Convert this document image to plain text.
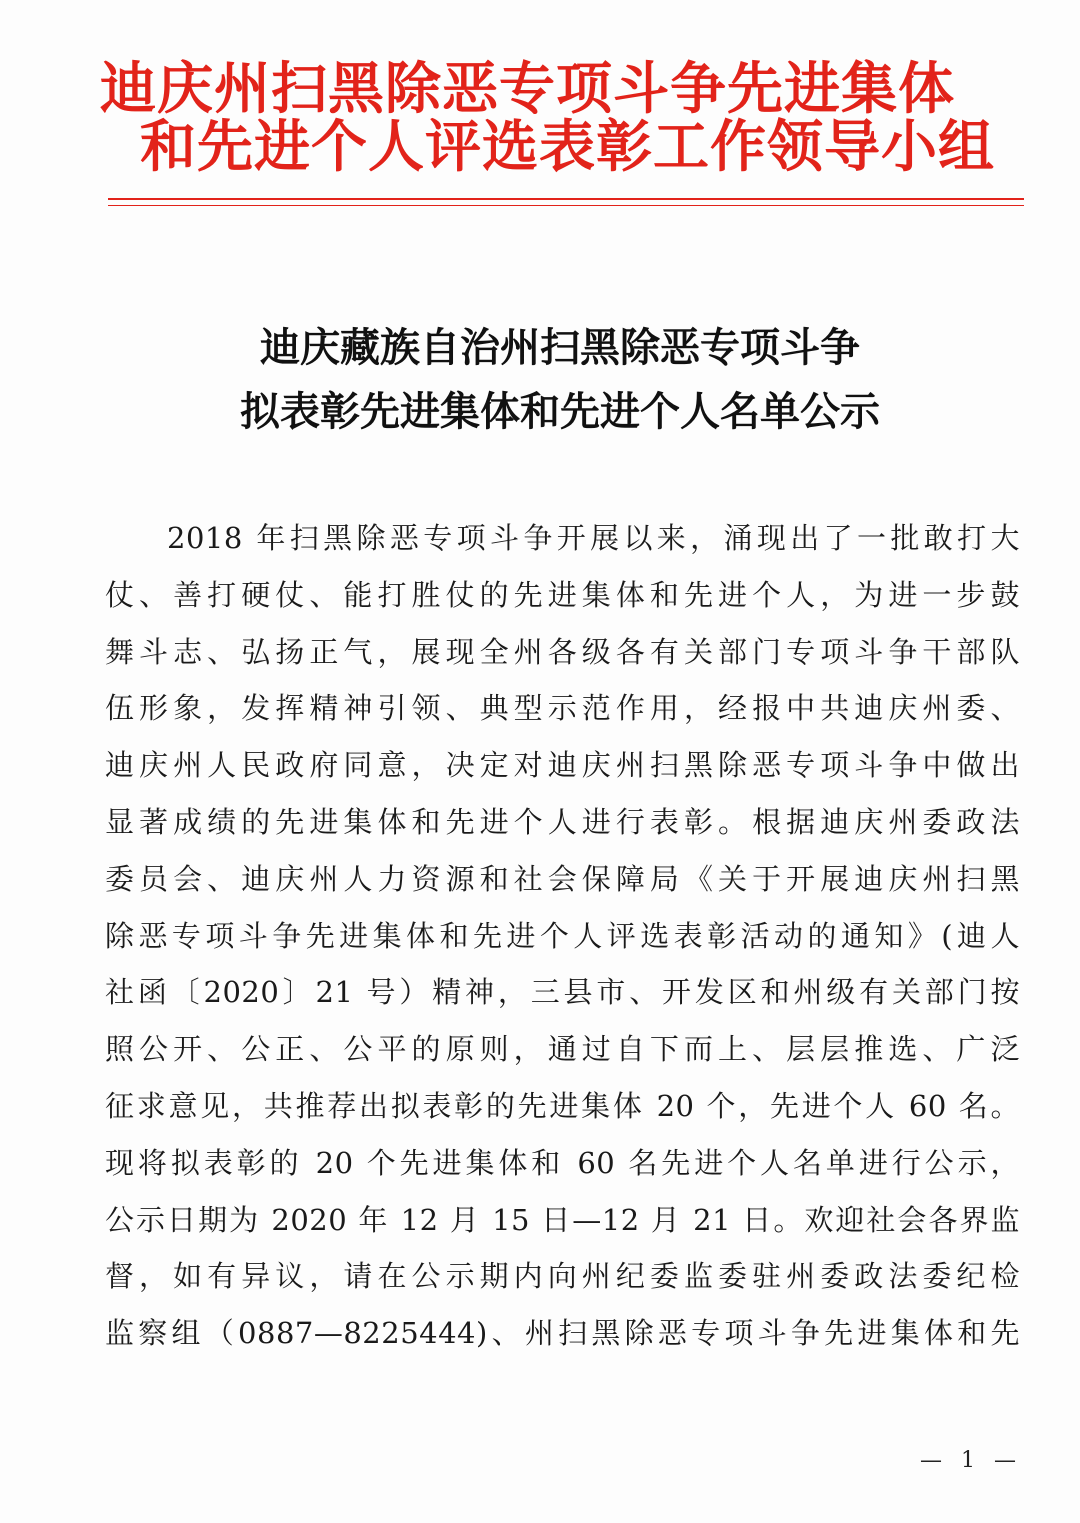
迪庆州扫黑除恶专项斗争先进集体
和先进个人评选表彰工作领导小组
迪庆藏族自治州扫黑除恶专项斗争
拟表彰先进集体和先进个人名单公示
2018 年扫黑除恶专项斗争开展以来，涌现出了一批敢打大
仗、善打硬仗、能打胜仗的先进集体和先进个人，为进一步鼓
舞斗志、弘扬正气，展现全州各级各有关部门专项斗争干部队
伍形象，发挥精神引领、典型示范作用，经报中共迪庆州委、
迪庆州人民政府同意，决定对迪庆州扫黑除恶专项斗争中做出
显著成绩的先进集体和先进个人进行表彰。根据迪庆州委政法
委员会、迪庆州人力资源和社会保障局《关于开展迪庆州扫黑
除恶专项斗争先进集体和先进个人评选表彰活动的通知》(迪人
社函〔2020〕21 号）精神，三县市、开发区和州级有关部门按
照公开、公正、公平的原则，通过自下而上、层层推选、广泛
征求意见，共推荐出拟表彰的先进集体 20 个，先进个人 60 名。
现将拟表彰的 20 个先进集体和 60 名先进个人名单进行公示，
公示日期为 2020 年 12 月 15 日—12 月 21 日。欢迎社会各界监
督，如有异议，请在公示期内向州纪委监委驻州委政法委纪检
监察组（0887—8225444)、州扫黑除恶专项斗争先进集体和先
— 1 —
